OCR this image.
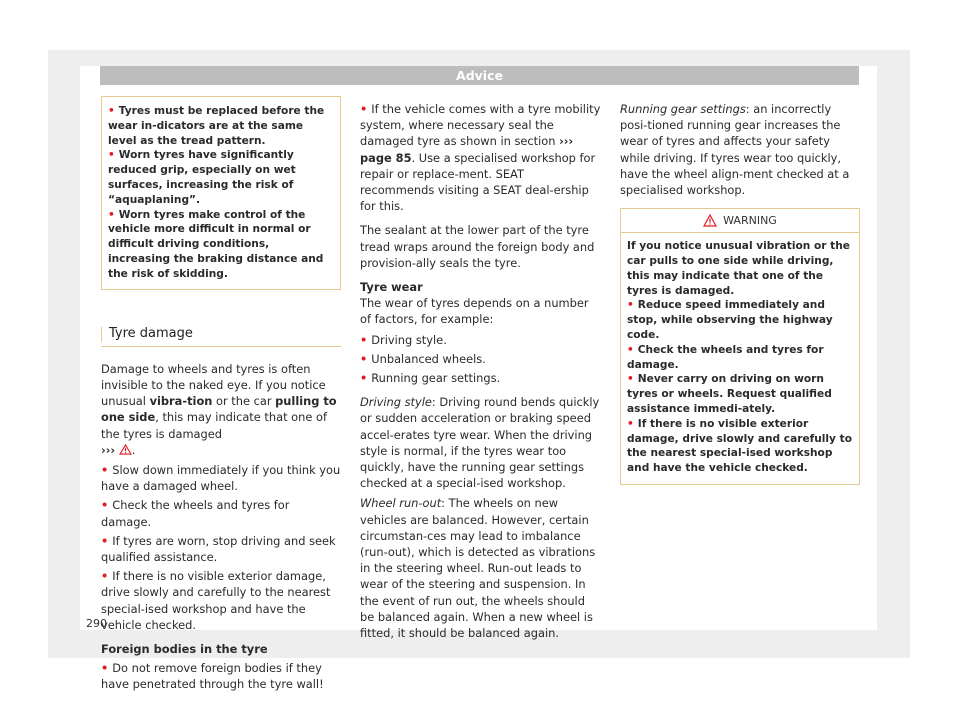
Advice
• Tyres must be replaced before the wear in-dicators are at the same level as the tread pattern.
• Worn tyres have significantly reduced grip, especially on wet surfaces, increasing the risk of “aquaplaning”.
• Worn tyres make control of the vehicle more difficult in normal or difficult driving conditions, increasing the braking distance and the risk of skidding.
Tyre damage

Damage to wheels and tyres is often invisible to the naked eye. If you notice unusual vibra-tion or the car pulling to one side, this may indicate that one of the tyres is damaged
››› .

• Slow down immediately if you think you have a damaged wheel.
• Check the wheels and tyres for damage.
• If tyres are worn, stop driving and seek qualified assistance.
• If there is no visible exterior damage, drive slowly and carefully to the nearest special-ised workshop and have the vehicle checked.

Foreign bodies in the tyre

• Do not remove foreign bodies if they have penetrated through the tyre wall!
• If the vehicle comes with a tyre mobility system, where necessary seal the damaged tyre as shown in section ››› page 85. Use a specialised workshop for repair or replace-ment. SEAT recommends visiting a SEAT deal-ership for this.

The sealant at the lower part of the tyre tread wraps around the foreign body and provision-ally seals the tyre.

Tyre wear

The wear of tyres depends on a number of factors, for example:
• Driving style.
• Unbalanced wheels.
• Running gear settings.

Driving style: Driving round bends quickly or sudden acceleration or braking speed accel-erates tyre wear. When the driving style is normal, if the tyres wear too quickly, have the running gear settings checked at a special-ised workshop.

Wheel run-out: The wheels on new vehicles are balanced. However, certain circumstan-ces may lead to imbalance (run-out), which is detected as vibrations in the steering wheel. Run-out leads to wear of the steering and suspension. In the event of run out, the wheels should be balanced again. When a new wheel is fitted, it should be balanced again.

Running gear settings: an incorrectly posi-tioned running gear increases the wear of tyres and affects your safety while driving. If tyres wear too quickly, have the wheel align-ment checked at a specialised workshop.
WARNING
If you notice unusual vibration or the car pulls to one side while driving, this may indicate that one of the tyres is damaged.
• Reduce speed immediately and stop, while observing the highway code.
• Check the wheels and tyres for damage.
• Never carry on driving on worn tyres or wheels. Request qualified assistance immedi-ately.
• If there is no visible exterior damage, drive slowly and carefully to the nearest special-ised workshop and have the vehicle checked.
290
